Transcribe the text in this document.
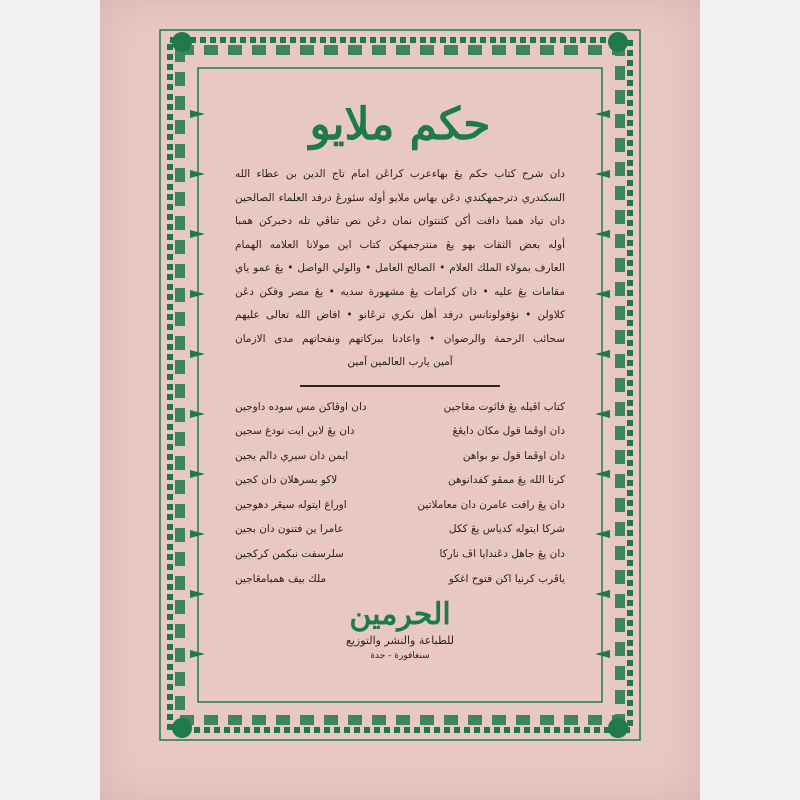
حكم ملايو
دان شرح كتاب حكم يڠ بهاءعرب كراڠن امام تاج الدين بن عطاء الله
السكندري دترجمهكندي دڠن بهاس ملايو أوله سئورڠ درفد العلماء الصالحين
دان تياد همبا دافت أكن كتنتوان نمان دڠن نص تناڤي تله دخبركن همبا
أوله بعض الثقات بهو يڠ منترجمهكن كتاب اين مولانا العلامه الهمام
العارف بمولاء الملك العلام • الصالح العامل • والولي الواصل • يڠ عمو ياي
مقامات يڠ عليه • دان كرامات يڠ مشهورة سديه • يڠ مصر وفكن دڠن
كلاولن • نؤفولونانس درفد أهل نكري ترڠانو • افاض الله تعالى عليهم
سحائب الرحمة والرضوان • واعادنا ببركاتهم ونفحاتهم مدى الازمان
آمين يارب العالمين آمين
كتاب اڤيله يڠ فائوت مڠاجين
دان اوڤاكن مس سوده داوجين
دان اوڤما قول مكان دايڠڠ
دان يڠ لاين ايت نودغ سجين
دان اوڤما قول نو بواهن
ايمن دان سيري دالم يجين
كرنا الله يڠ ممڤو كفدانوهن
لاكو بسرهلان دان كجين
دان يڠ رافت عامرن دان معاملاتين
اوراغ ايتوله سيڠر دهوجين
شركا ايتوله كدياس يڠ ككل
عامرا ين فتنون دان بجين
دان يڠ جاهل دڠندايا اڤ ناركا
سلرسفت نبكمن كركجين
ياڤرب كرنيا اكن فتوح اغكو
ملك بيف همبامڠاجين
الحرمين
للطباعة والنشر والتوزيع
سنغافورة - جدة
